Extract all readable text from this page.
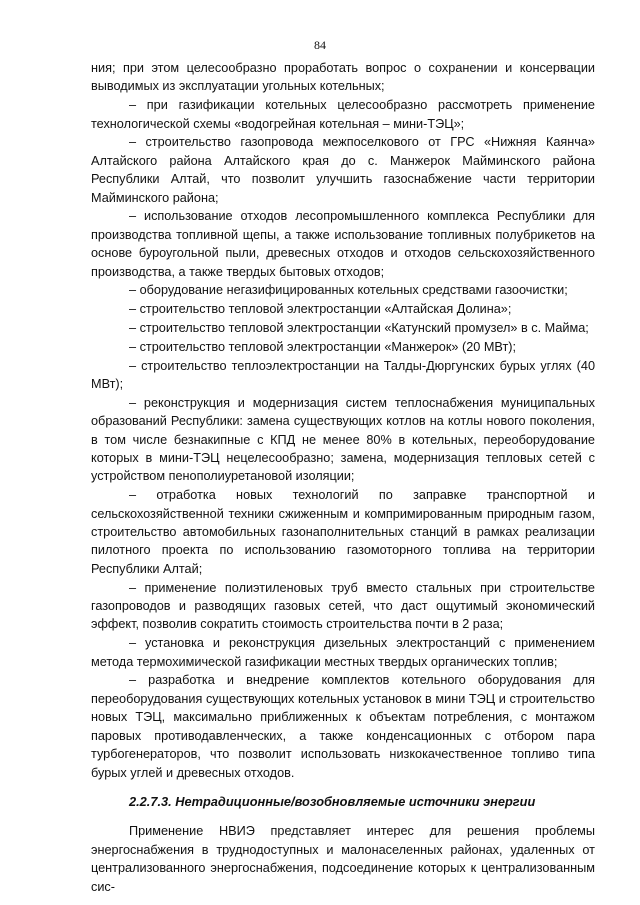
84

ния; при этом целесообразно проработать вопрос о сохранении и консервации выводимых из эксплуатации угольных котельных;

– при газификации котельных целесообразно рассмотреть применение технологической схемы «водогрейная котельная – мини-ТЭЦ»;

– строительство газопровода межпоселкового от ГРС «Нижняя Каянча» Алтайского района Алтайского края до с. Манжерок Майминского района Республики Алтай, что позволит улучшить газоснабжение части территории Майминского района;

– использование отходов лесопромышленного комплекса Республики для производства топливной щепы, а также использование топливных полубрикетов на основе буроугольной пыли, древесных отходов и отходов сельскохозяйственного производства, а также твердых бытовых отходов;

– оборудование негазифицированных котельных средствами газоочистки;

– строительство тепловой электростанции «Алтайская Долина»;

– строительство тепловой электростанции «Катунский промузел» в с. Майма;

– строительство тепловой электростанции «Манжерок» (20 МВт);

– строительство теплоэлектростанции на Талды-Дюргунских бурых углях (40 МВт);

– реконструкция и модернизация систем теплоснабжения муниципальных образований Республики: замена существующих котлов на котлы нового поколения, в том числе безнакипные с КПД не менее 80% в котельных, переоборудование которых в мини-ТЭЦ нецелесообразно; замена, модернизация тепловых сетей с устройством пенополиуретановой изоляции;

– отработка новых технологий по заправке транспортной и сельскохозяйственной техники сжиженным и компримированным природным газом, строительство автомобильных газонаполнительных станций в рамках реализации пилотного проекта по использованию газомоторного топлива на территории Республики Алтай;

– применение полиэтиленовых труб вместо стальных при строительстве газопроводов и разводящих газовых сетей, что даст ощутимый экономический эффект, позволив сократить стоимость строительства почти в 2 раза;

– установка и реконструкция дизельных электростанций с применением метода термохимической газификации местных твердых органических топлив;

– разработка и внедрение комплектов котельного оборудования для переоборудования существующих котельных установок в мини ТЭЦ и строительство новых ТЭЦ, максимально приближенных к объектам потребления, с монтажом паровых противодавленческих, а также конденсационных с отбором пара турбогенераторов, что позволит использовать низкокачественное топливо типа бурых углей и древесных отходов.

2.2.7.3. Нетрадиционные/возобновляемые источники энергии

Применение НВИЭ представляет интерес для решения проблемы энергоснабжения в труднодоступных и малонаселенных районах, удаленных от централизованного энергоснабжения, подсоединение которых к централизованным сис-
